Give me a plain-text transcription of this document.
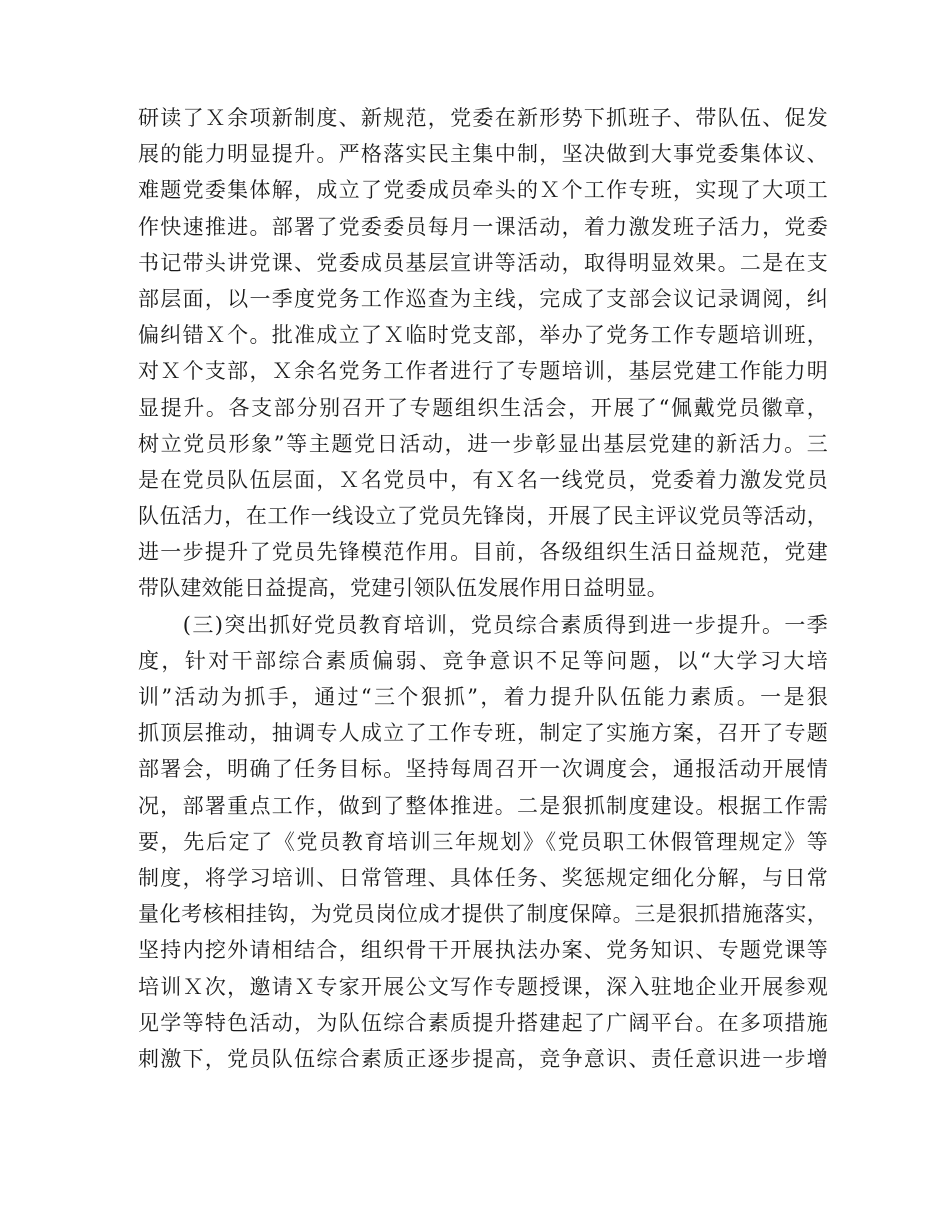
研读了Ｘ余项新制度、新规范，党委在新形势下抓班子、带队伍、促发
展的能力明显提升。严格落实民主集中制，坚决做到大事党委集体议、
难题党委集体解，成立了党委成员牵头的Ｘ个工作专班，实现了大项工
作快速推进。部署了党委委员每月一课活动，着力激发班子活力，党委
书记带头讲党课、党委成员基层宣讲等活动，取得明显效果。二是在支
部层面，以一季度党务工作巡查为主线，完成了支部会议记录调阅，纠
偏纠错Ｘ个。批准成立了Ｘ临时党支部，举办了党务工作专题培训班，
对Ｘ个支部，Ｘ余名党务工作者进行了专题培训，基层党建工作能力明
显提升。各支部分别召开了专题组织生活会，开展了“佩戴党员徽章，
树立党员形象”等主题党日活动，进一步彰显出基层党建的新活力。三
是在党员队伍层面，Ｘ名党员中，有Ｘ名一线党员，党委着力激发党员
队伍活力，在工作一线设立了党员先锋岗，开展了民主评议党员等活动，
进一步提升了党员先锋模范作用。目前，各级组织生活日益规范，党建
带队建效能日益提高，党建引领队伍发展作用日益明显。
　　(三)突出抓好党员教育培训，党员综合素质得到进一步提升。一季
度，针对干部综合素质偏弱、竞争意识不足等问题，以“大学习大培
训”活动为抓手，通过“三个狠抓”，着力提升队伍能力素质。一是狠
抓顶层推动，抽调专人成立了工作专班，制定了实施方案，召开了专题
部署会，明确了任务目标。坚持每周召开一次调度会，通报活动开展情
况，部署重点工作，做到了整体推进。二是狠抓制度建设。根据工作需
要，先后定了《党员教育培训三年规划》《党员职工休假管理规定》等
制度，将学习培训、日常管理、具体任务、奖惩规定细化分解，与日常
量化考核相挂钩，为党员岗位成才提供了制度保障。三是狠抓措施落实，
坚持内挖外请相结合，组织骨干开展执法办案、党务知识、专题党课等
培训Ｘ次，邀请Ｘ专家开展公文写作专题授课，深入驻地企业开展参观
见学等特色活动，为队伍综合素质提升搭建起了广阔平台。在多项措施
刺激下，党员队伍综合素质正逐步提高，竞争意识、责任意识进一步增
